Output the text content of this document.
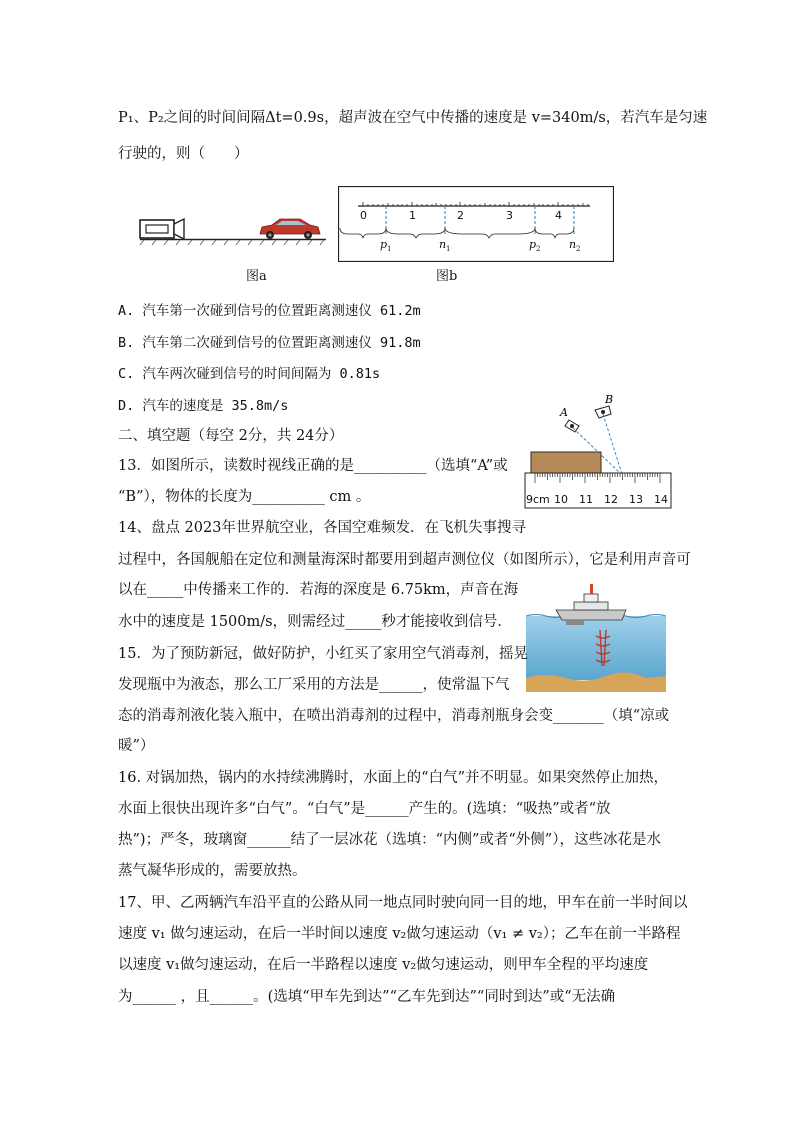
P₁、P₂之间的时间间隔Δt=0.9s，超声波在空气中传播的速度是 v=340m/s，若汽车是匀速
行驶的，则（　　）
图a
0	1	2	3	4
p 1	n 1	p 2	n 2
图b
A. 汽车第一次碰到信号的位置距离测速仪 61.2m
B. 汽车第二次碰到信号的位置距离测速仪 91.8m
C. 汽车两次碰到信号的时间间隔为 0.81s
D. 汽车的速度是 35.8m/s	A
B
9cm 10 11 12 13 14
二、填空题（每空 2分，共 24分）
13．如图所示，读数时视线正确的是__________（选填“A”或
“B”），物体的长度为__________ cm 。
14、盘点 2023年世界航空业，各国空难频发．在飞机失事搜寻
过程中，各国舰船在定位和测量海深时都要用到超声测位仪（如图所示），它是利用声音可
以在_____中传播来工作的．若海的深度是 6.75km，声音在海
水中的速度是 1500m/s，则需经过_____秒才能接收到信号．
15．为了预防新冠，做好防护，小红买了家用空气消毒剂，摇晃
发现瓶中为液态，那么工厂采用的方法是______，使常温下气
态的消毒剂液化装入瓶中，在喷出消毒剂的过程中，消毒剂瓶身会变_______（填“凉或
暖”）
16. 对锅加热，锅内的水持续沸腾时，水面上的“白气”并不明显。如果突然停止加热，
水面上很快出现许多“白气”。“白气”是______产生的。(选填：“吸热”或者“放
热”)；严冬，玻璃窗______结了一层冰花（选填：“内侧”或者“外侧”），这些冰花是水
蒸气凝华形成的，需要放热。
17、甲、乙两辆汽车沿平直的公路从同一地点同时驶向同一目的地，甲车在前一半时间以
速度 v₁ 做匀速运动，在后一半时间以速度 v₂做匀速运动（v₁ ≠ v₂）；乙车在前一半路程
以速度 v₁做匀速运动，在后一半路程以速度 v₂做匀速运动，则甲车全程的平均速度
为______ ，且______。(选填“甲车先到达”“乙车先到达”“同时到达”或“无法确
